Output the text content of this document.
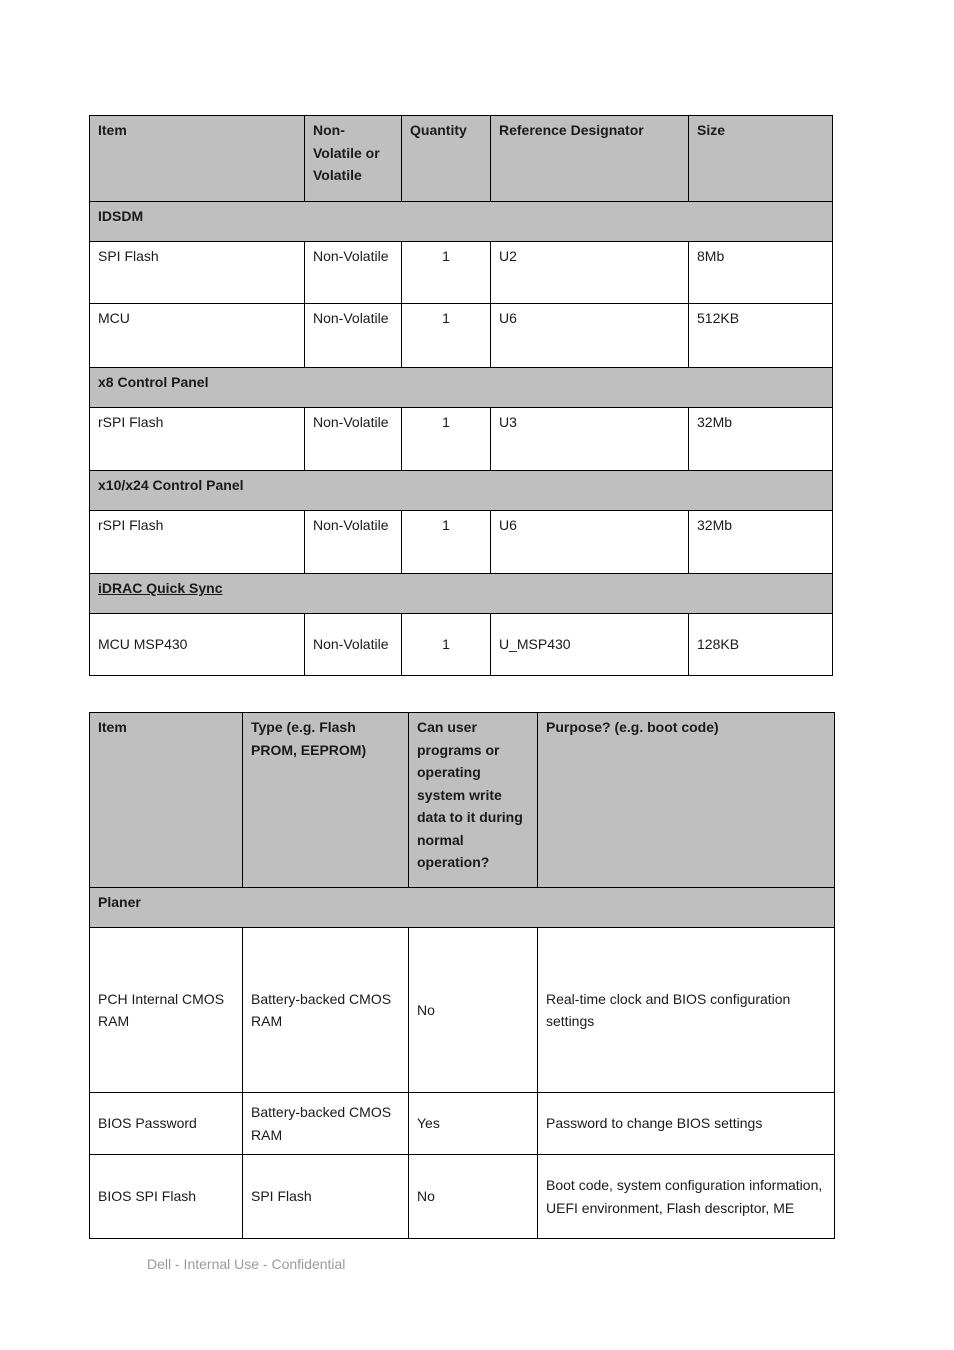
Item	Non-Volatile or Volatile	Quantity	Reference Designator	Size
IDSDM				
SPI Flash	Non-Volatile	1	U2	8Mb
MCU	Non-Volatile	1	U6	512KB
x8 Control Panel				
rSPI Flash	Non-Volatile	1	U3	32Mb
x10/x24 Control Panel				
rSPI Flash	Non-Volatile	1	U6	32Mb
iDRAC Quick Sync				
MCU MSP430	Non-Volatile	1	U_MSP430	128KB
Item	Type (e.g. Flash PROM, EEPROM)	Can user programs or operating system write data to it during normal operation?	Purpose? (e.g. boot code)
Planer			
PCH Internal CMOS RAM	Battery-backed CMOS RAM	No	Real-time clock and BIOS configuration settings
BIOS Password	Battery-backed CMOS RAM	Yes	Password to change BIOS settings
BIOS SPI Flash	SPI Flash	No	Boot code, system configuration information, UEFI environment, Flash descriptor, ME
Dell - Internal Use - Confidential
